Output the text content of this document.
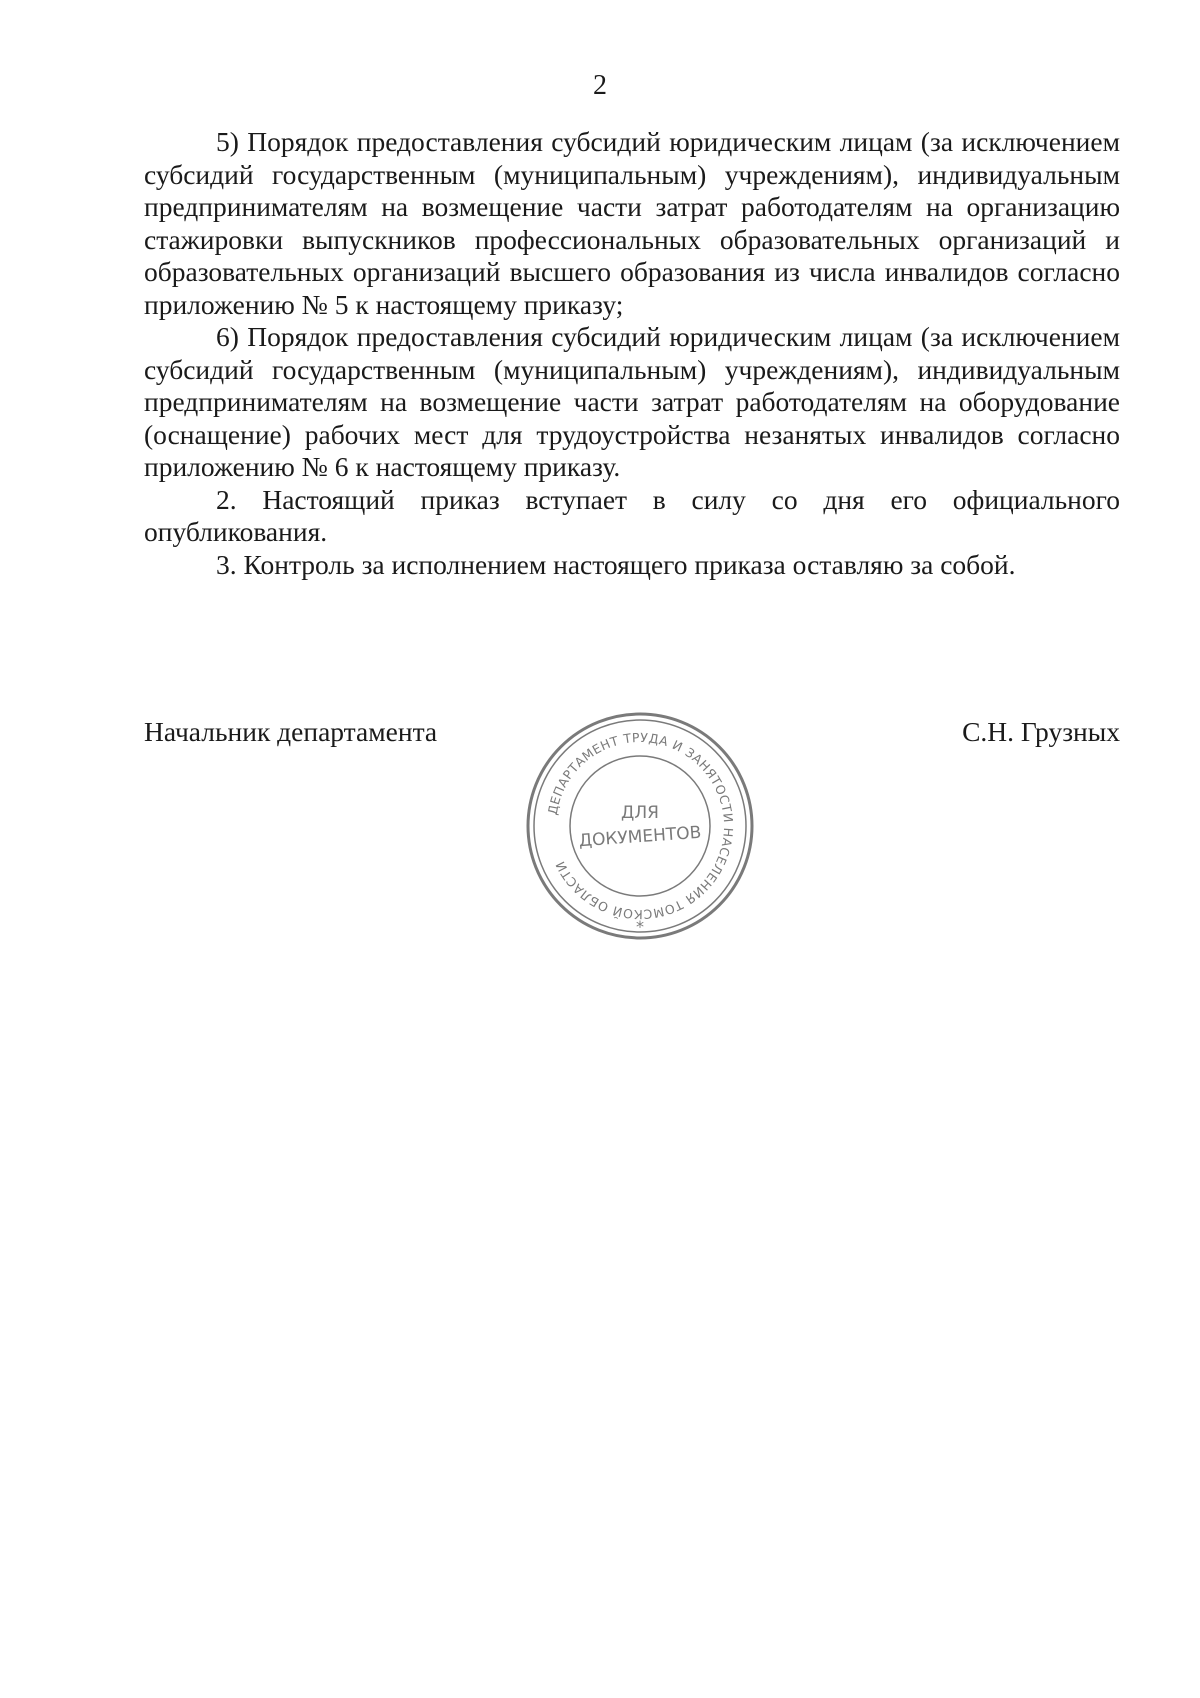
2

5) Порядок предоставления субсидий юридическим лицам (за исключением субсидий государственным (муниципальным) учреждениям), индивидуальным предпринимателям на возмещение части затрат работодателям на организацию стажировки выпускников профессиональных образовательных организаций и образовательных организаций высшего образования из числа инвалидов согласно приложению № 5 к настоящему приказу;

6) Порядок предоставления субсидий юридическим лицам (за исключением субсидий государственным (муниципальным) учреждениям), индивидуальным предпринимателям на возмещение части затрат работодателям на оборудование (оснащение) рабочих мест для трудоустройства незанятых инвалидов согласно приложению № 6 к настоящему приказу.

2. Настоящий приказ вступает в силу со дня его официального опубликования.

3. Контроль за исполнением настоящего приказа оставляю за собой.

Начальник департамента	С.Н. Грузных
ДЕПАРТАМЕНТ ТРУДА И ЗАНЯТОСТИ НАСЕЛЕНИЯ ТОМСКОЙ ОБЛАСТИ
ДЛЯ
ДОКУМЕНТОВ
*
